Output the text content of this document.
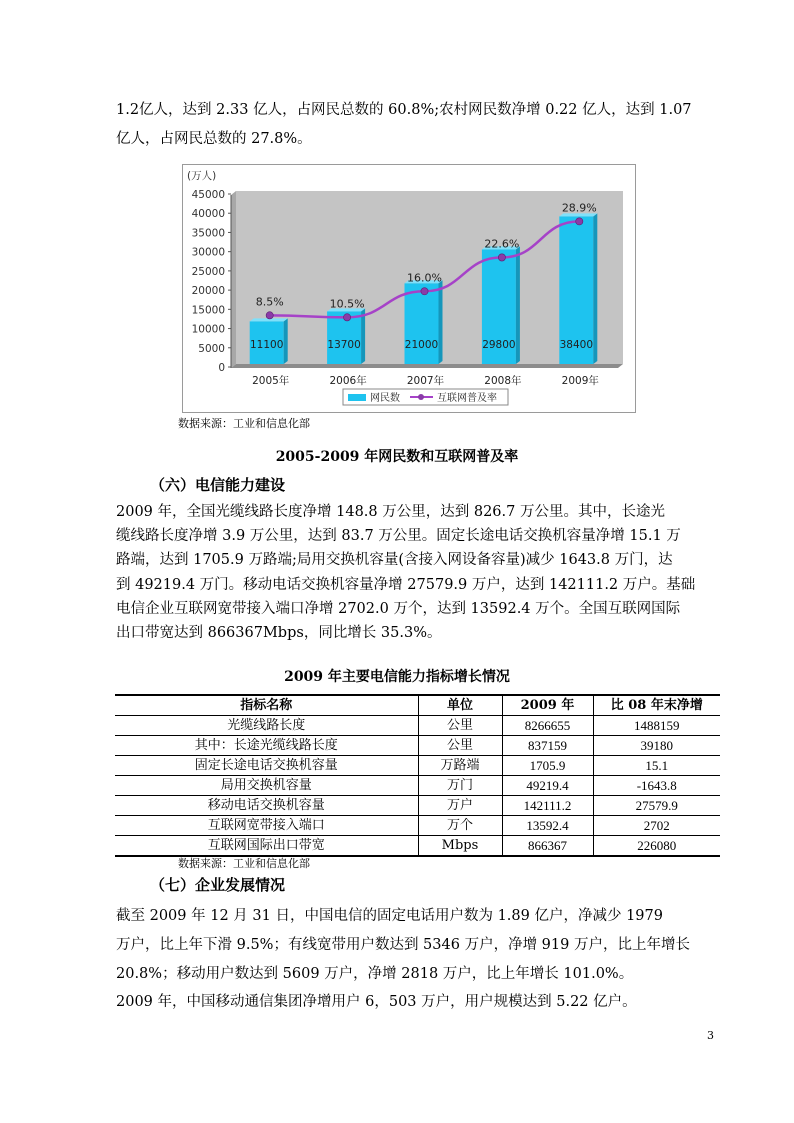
1.2亿人，达到 2.33 亿人，占网民总数的 60.8%;农村网民数净增 0.22 亿人，达到 1.07
亿人，占网民总数的 27.8%。
0
5000
10000
15000
20000
25000
30000
35000
40000
45000
(万人)
11100
2005年
13700
2006年
21000
2007年
29800
2008年
38400
2009年
8.5%	10.5%
16.0%
22.6%
28.9%
网民数	互联网普及率
数据来源：工业和信息化部
2005-2009 年网民数和互联网普及率
（六）电信能力建设
2009 年，全国光缆线路长度净增 148.8 万公里，达到 826.7 万公里。其中，长途光
缆线路长度净增 3.9 万公里，达到 83.7 万公里。固定长途电话交换机容量净增 15.1 万
路端，达到 1705.9 万路端;局用交换机容量(含接入网设备容量)减少 1643.8 万门，达
到 49219.4 万门。移动电话交换机容量净增 27579.9 万户，达到 142111.2 万户。基础
电信企业互联网宽带接入端口净增 2702.0 万个，达到 13592.4 万个。全国互联网国际
出口带宽达到 866367Mbps，同比增长 35.3%。
2009 年主要电信能力指标增长情况
指标名称	单位	2009 年	比 08 年末净增
光缆线路长度	公里	8266655	1488159
其中：长途光缆线路长度	公里	837159	39180
固定长途电话交换机容量	万路端	1705.9	15.1
局用交换机容量	万门	49219.4	-1643.8
移动电话交换机容量	万户	142111.2	27579.9
互联网宽带接入端口	万个	13592.4	2702
互联网国际出口带宽	Mbps	866367	226080
数据来源：工业和信息化部
（七）企业发展情况
截至 2009 年 12 月 31 日，中国电信的固定电话用户数为 1.89 亿户，净减少 1979
万户，比上年下滑 9.5%；有线宽带用户数达到 5346 万户，净增 919 万户，比上年增长
20.8%；移动用户数达到 5609 万户，净增 2818 万户，比上年增长 101.0%。
2009 年，中国移动通信集团净增用户 6，503 万户，用户规模达到 5.22 亿户。
3
